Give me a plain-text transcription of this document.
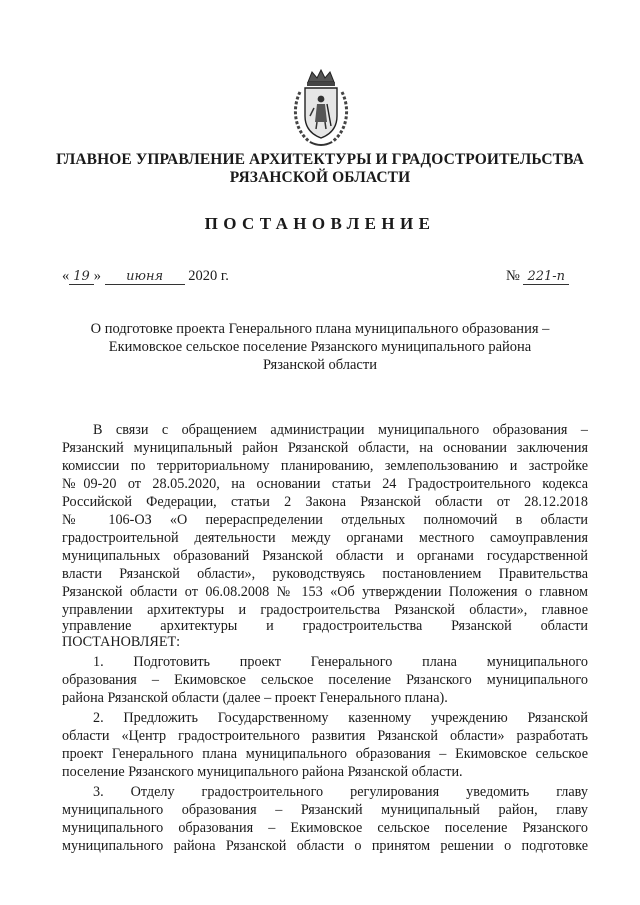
ГЛАВНОЕ УПРАВЛЕНИЕ АРХИТЕКТУРЫ И ГРАДОСТРОИТЕЛЬСТВА
РЯЗАНСКОЙ ОБЛАСТИ
ПОСТАНОВЛЕНИЕ
« 19 » июня 2020 г.	№ 221-п
О подготовке проекта Генерального плана муниципального образования –
Екимовское сельское поселение Рязанского муниципального района
Рязанской области
В связи с обращением администрации муниципального образования –
Рязанский муниципальный район Рязанской области, на основании заключения
комиссии по территориальному планированию, землепользованию и застройке
№09-20 от 28.05.2020, на основании статьи 24 Градостроительного кодекса
Российской Федерации, статьи 2 Закона Рязанской области от 28.12.2018
№ 106-ОЗ «О перераспределении отдельных полномочий в области
градостроительной деятельности между органами местного самоуправления
муниципальных образований Рязанской области и органами государственной
власти Рязанской области», руководствуясь постановлением Правительства
Рязанской области от 06.08.2008 № 153 «Об утверждении Положения о главном
управлении архитектуры и градостроительства Рязанской области», главное
управление архитектуры и градостроительства Рязанской области
ПОСТАНОВЛЯЕТ:
1. Подготовить проект Генерального плана муниципального
образования – Екимовское сельское поселение Рязанского муниципального
района Рязанской области (далее – проект Генерального плана).
2. Предложить Государственному казенному учреждению Рязанской
области «Центр градостроительного развития Рязанской области» разработать
проект Генерального плана муниципального образования – Екимовское сельское
поселение Рязанского муниципального района Рязанской области.
3. Отделу градостроительного регулирования уведомить главу
муниципального образования – Рязанский муниципальный район, главу
муниципального образования – Екимовское сельское поселение Рязанского
муниципального района Рязанской области о принятом решении о подготовке
